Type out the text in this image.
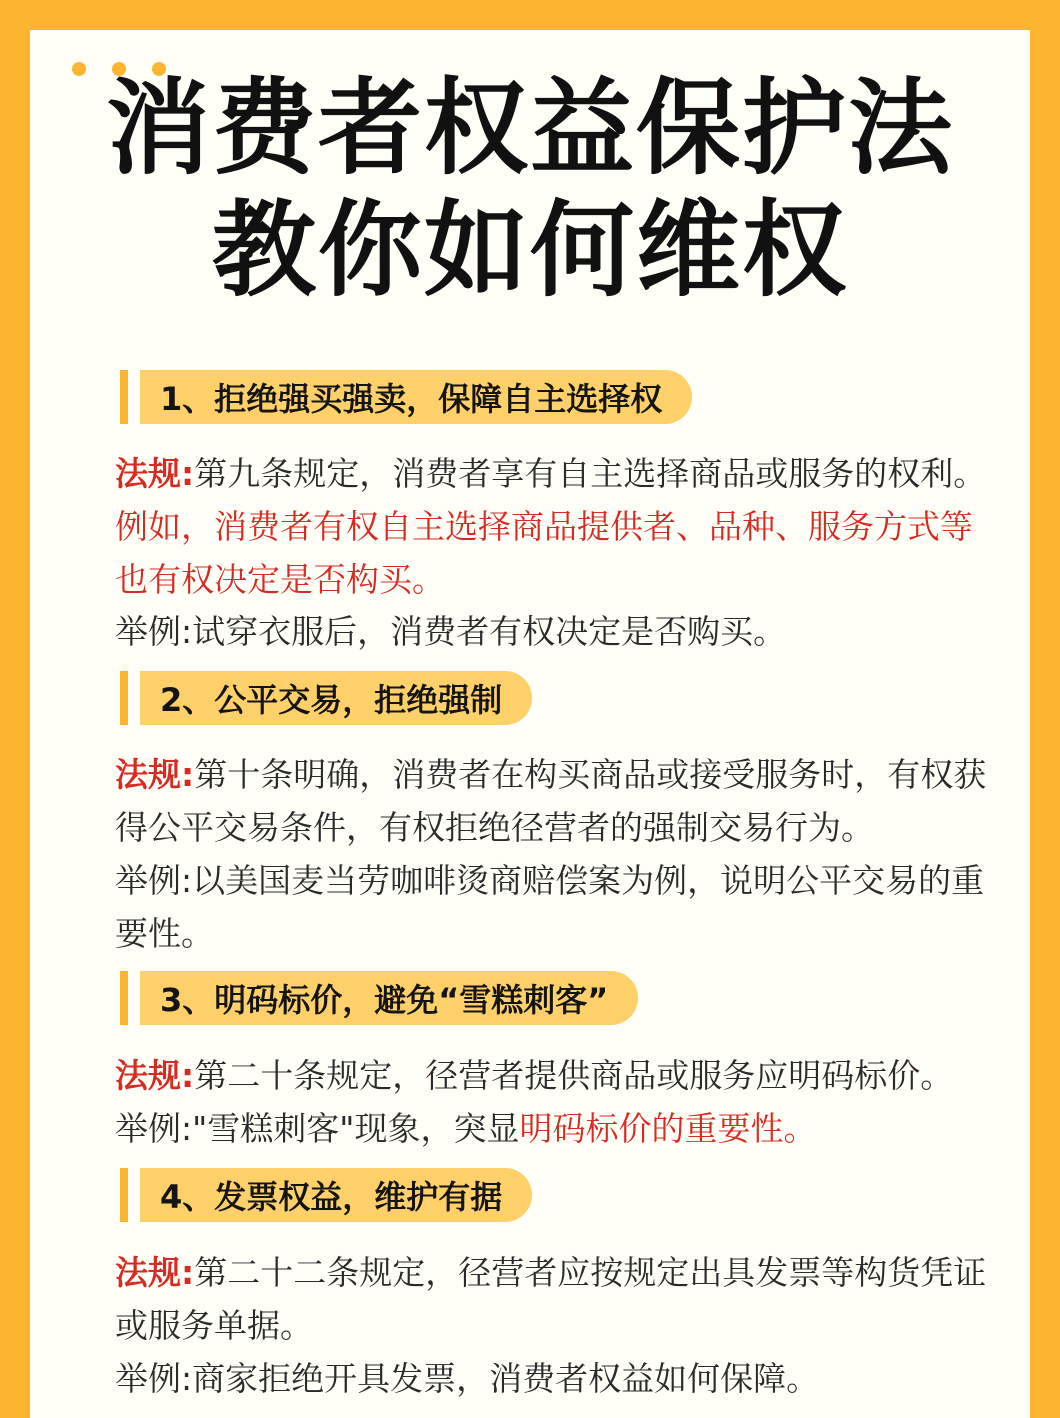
消费者权益保护法
教你如何维权
1、拒绝强买强卖，保障自主选择权

法规:第九条规定，消费者享有自主选择商品或服务的权利。例如，消费者有权自主选择商品提供者、品种、服务方式等也有权决定是否构买。

举例:试穿衣服后，消费者有权决定是否购买。

2、公平交易，拒绝强制

法规:第十条明确，消费者在构买商品或接受服务时，有权获得公平交易条件，有权拒绝径营者的强制交易行为。

举例:以美国麦当劳咖啡烫商赔偿案为例，说明公平交易的重要性。

3、明码标价，避免“雪糕刺客”

法规:第二十条规定，径营者提供商品或服务应明码标价。

举例:"雪糕刺客"现象，突显明码标价的重要性。

4、发票权益，维护有据

法规:第二十二条规定，径营者应按规定出具发票等构货凭证或服务单据。

举例:商家拒绝开具发票，消费者权益如何保障。
